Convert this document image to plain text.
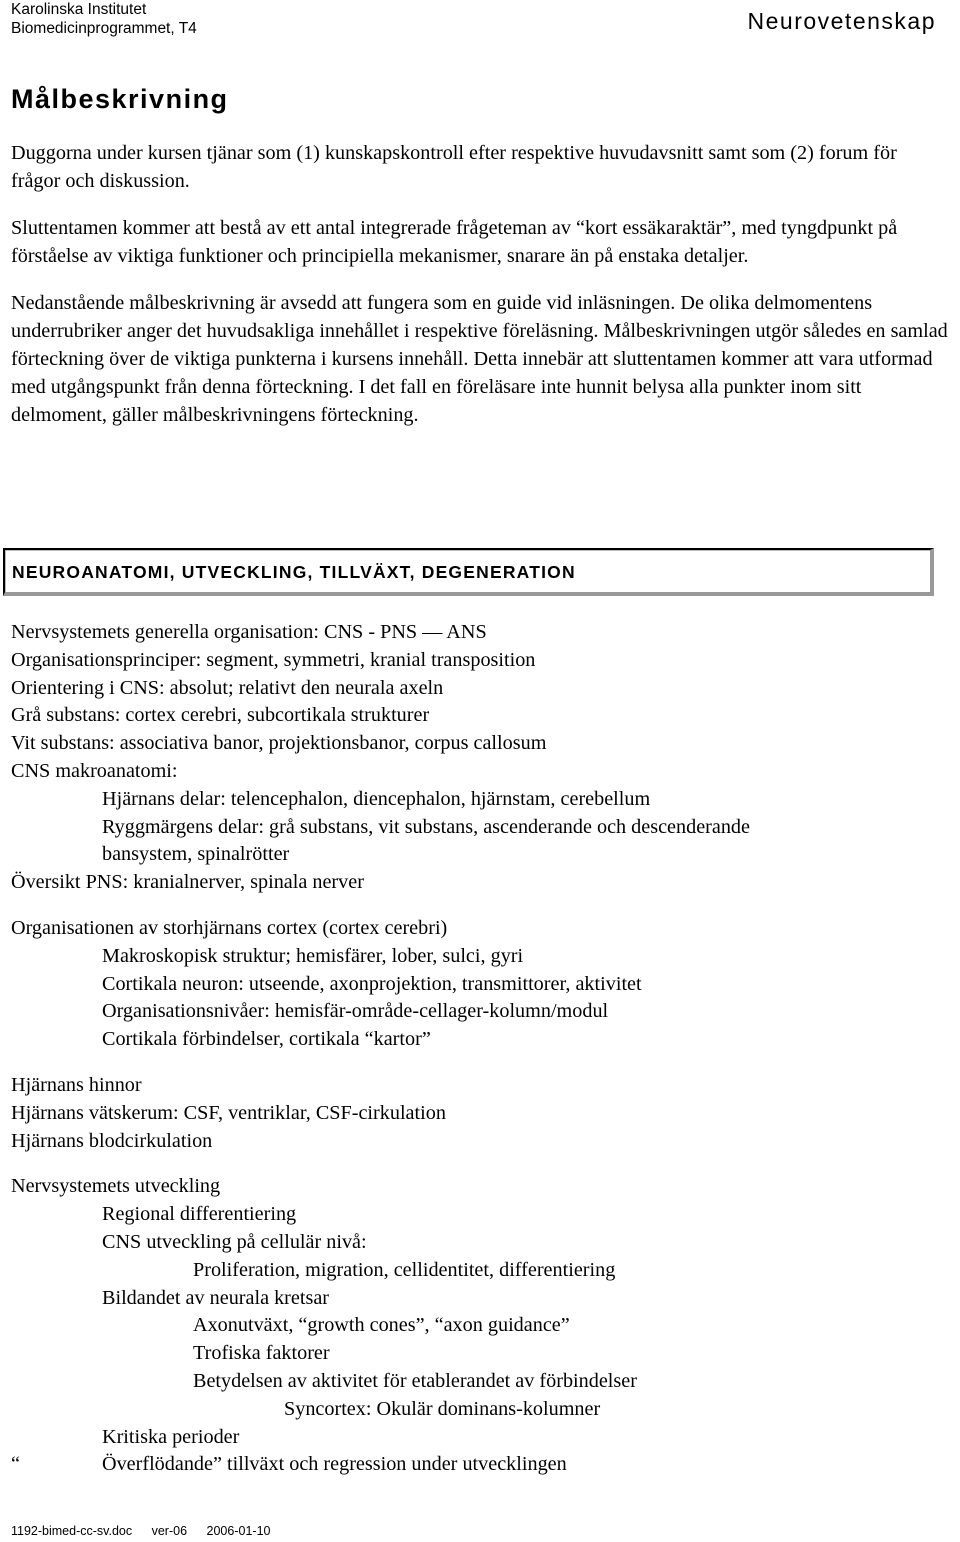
Karolinska Institutet
Biomedicinprogrammet, T4	Neurovetenskap
Målbeskrivning

Duggorna under kursen tjänar som (1) kunskapskontroll efter respektive huvudavsnitt samt som (2) forum för frågor och diskussion.

Sluttentamen kommer att bestå av ett antal integrerade frågeteman av “kort essäkaraktär”, med tyngdpunkt på förståelse av viktiga funktioner och principiella mekanismer, snarare än på enstaka detaljer.

Nedanstående målbeskrivning är avsedd att fungera som en guide vid inläsningen. De olika delmomentens underrubriker anger det huvudsakliga innehållet i respektive föreläsning. Målbeskrivningen utgör således en samlad förteckning över de viktiga punkterna i kursens innehåll. Detta innebär att sluttentamen kommer att vara utformad med utgångspunkt från denna förteckning. I det fall en föreläsare inte hunnit belysa alla punkter inom sitt delmoment, gäller målbeskrivningens förteckning.

NEUROANATOMI, UTVECKLING, TILLVÄXT, DEGENERATION
Nervsystemets generella organisation: CNS - PNS — ANS
Organisationsprinciper: segment, symmetri, kranial transposition
Orientering i CNS: absolut; relativt den neurala axeln
Grå substans: cortex cerebri, subcortikala strukturer
Vit substans: associativa banor, projektionsbanor, corpus callosum
CNS makroanatomi:
Hjärnans delar: telencephalon, diencephalon, hjärnstam, cerebellum
Ryggmärgens delar: grå substans, vit substans, ascenderande och descenderande
bansystem, spinalrötter
Översikt PNS: kranialnerver, spinala nerver
Organisationen av storhjärnans cortex (cortex cerebri)
Makroskopisk struktur; hemisfärer, lober, sulci, gyri
Cortikala neuron: utseende, axonprojektion, transmittorer, aktivitet
Organisationsnivåer: hemisfär-område-cellager-kolumn/modul
Cortikala förbindelser, cortikala “kartor”
Hjärnans hinnor
Hjärnans vätskerum: CSF, ventriklar, CSF-cirkulation
Hjärnans blodcirkulation
Nervsystemets utveckling
Regional differentiering
CNS utveckling på cellulär nivå:
Proliferation, migration, cellidentitet, differentiering
Bildandet av neurala kretsar
Axonutväxt, “growth cones”, “axon guidance”
Trofiska faktorer
Betydelsen av aktivitet för etablerandet av förbindelser
Syncortex: Okulär dominans-kolumner
Kritiska perioder
“	Överflödande” tillväxt och regression under utvecklingen
1192-bimed-cc-sv.doc ver-06 2006-01-10
